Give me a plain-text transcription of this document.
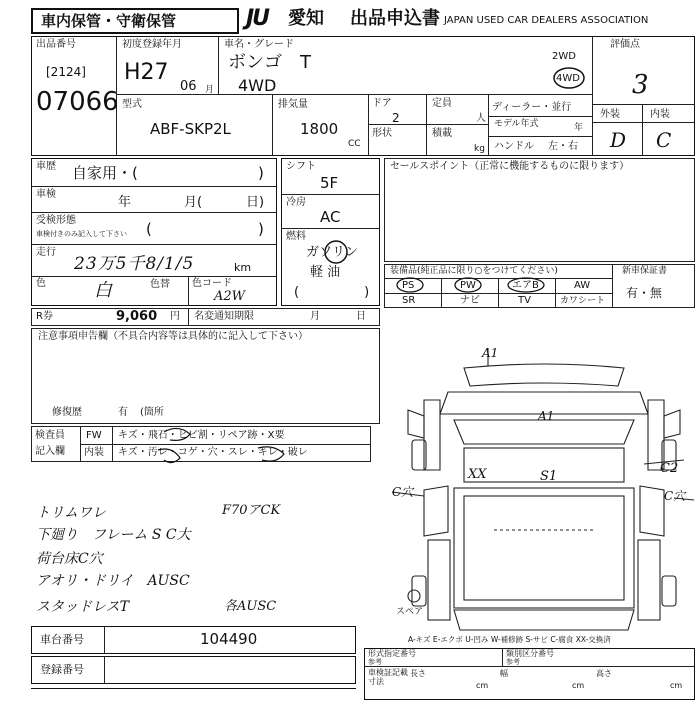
車内保管・守衛保管	JU 愛知 出品申込書 JAPAN USED CAR DEALERS ASSOCIATION
出品番号
[2124]
07066
初度登録年月
H27
06 月
車名・グレード
ボンゴ　T
4WD
2WD
4WD
評価点
3
型式
ABF-SKP2L
排気量
1800
CC
ドア
2
形状
定員
人
積載
kg
ディーラー・並行
モデル年式	年
ハンドル 左・右
外装	内装
D C
車歴 自家用・(	)
車検
年	月(	日)
受検形態
車検付きのみ記入して下さい (	)
走行
23万5千8/1/5	km
色	白	色替 色コード
A2W
シフト
5F
冷房
AC
燃料
ガソリン
軽 油
(　　　　　)
セールスポイント（正常に機能するものに限ります）
装備品(純正品に限り○をつけてください)
PS	PW	エアB	AW
SR	ナビ	TV	カワシート
新車保証書
有・無
R券	9,060 円 名変通知期限	月	日
注意事項申告欄（不具合内容等は具体的に記入して下さい）
修復歴	有 (箇所
検査員
記入欄
FW キズ・飛石・ヒビ割・リペア跡・X要
内装 キズ・汚レ・コゲ・穴・スレ・キレ・破レ
トリムワレ	F70アCK
下廻り　フレーム S C大
荷台床C穴
アオリ・ドリイ　AUSC
スタッドレスT	各AUSC
車台番号	104490
登録番号
A1
A1
XX	S1
C2
C穴	C穴
スペア
A-キズ E-エクボ U-凹み W-補修跡 S-サビ C-腐食 XX-交換済
形式指定番号
参考
類別区分番号
参考
車検証記載
寸法
長さ
cm
幅
cm
高さ
cm
